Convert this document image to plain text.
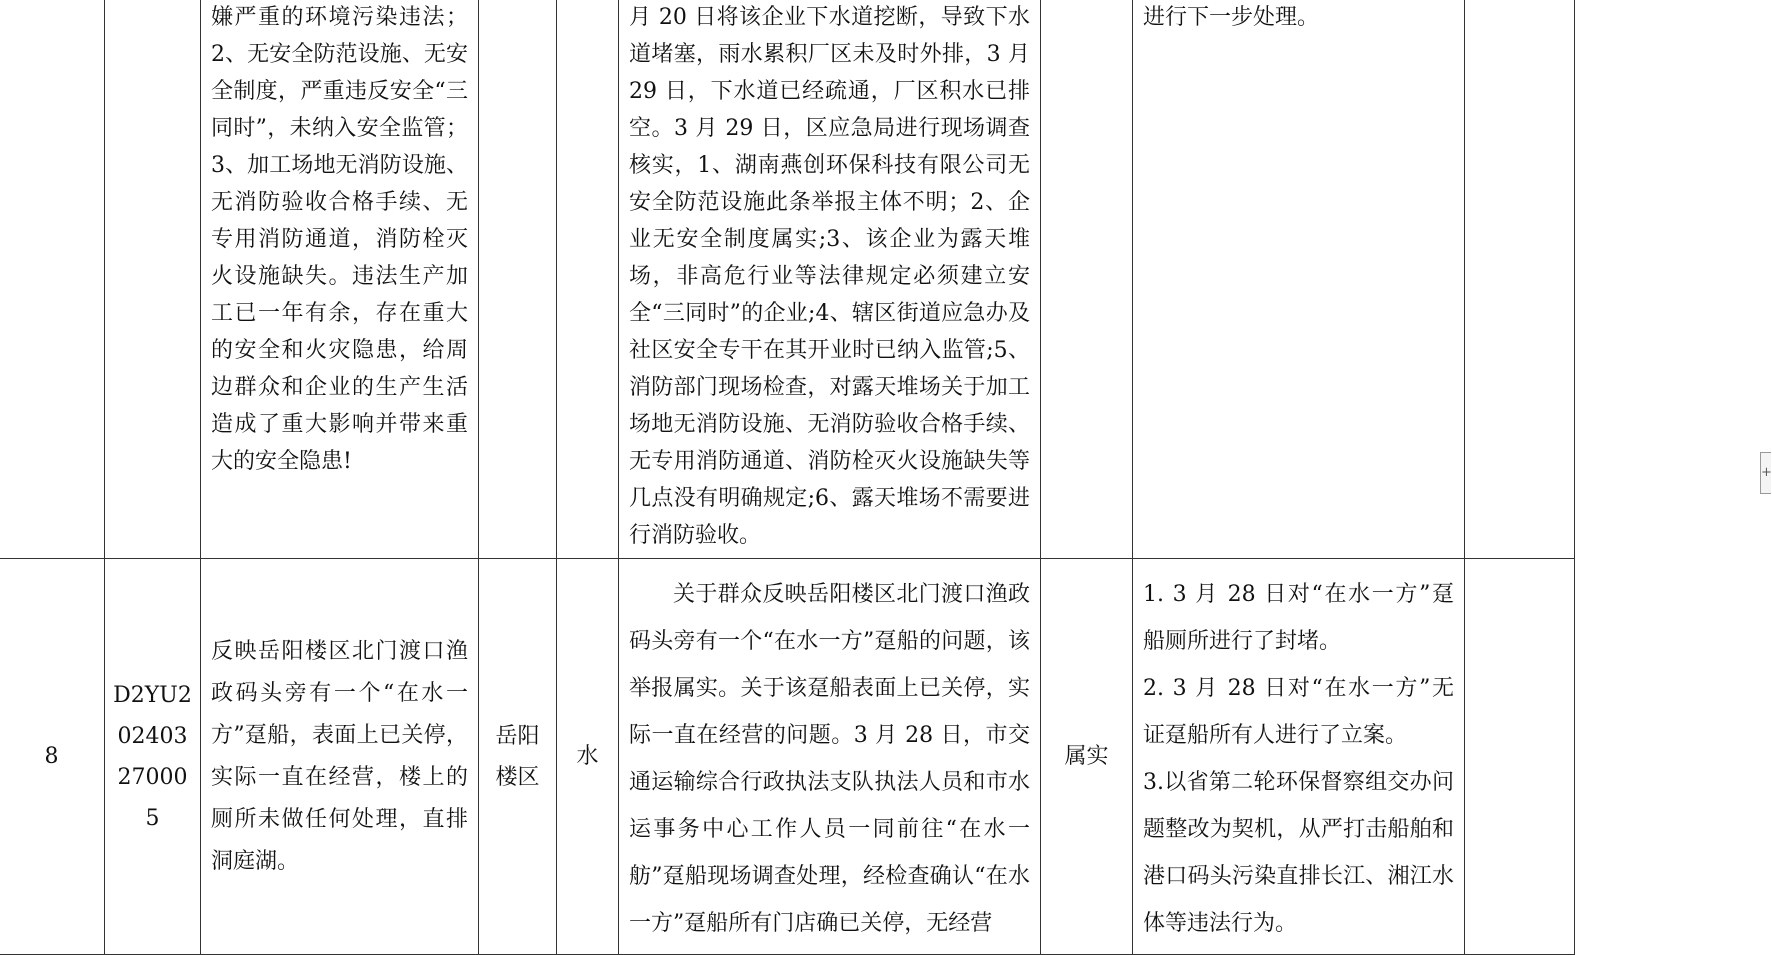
		嫌严重的环境污染违法；2、无安全防范设施、无安全制度，严重违反安全“三同时”，未纳入安全监管；3、加工场地无消防设施、无消防验收合格手续、无专用消防通道，消防栓灭火设施缺失。违法生产加工已一年有余，存在重大的安全和火灾隐患，给周边群众和企业的生产生活造成了重大影响并带来重大的安全隐患!			月 20 日将该企业下水道挖断，导致下水道堵塞，雨水累积厂区未及时外排，3 月 29 日，下水道已经疏通，厂区积水已排空。3 月 29 日，区应急局进行现场调查核实，1、湖南燕创环保科技有限公司无安全防范设施此条举报主体不明；2、企业无安全制度属实;3、该企业为露天堆场，非高危行业等法律规定必须建立安全“三同时”的企业;4、辖区街道应急办及社区安全专干在其开业时已纳入监管;5、消防部门现场检查，对露天堆场关于加工场地无消防设施、无消防验收合格手续、无专用消防通道、消防栓灭火设施缺失等几点没有明确规定;6、露天堆场不需要进行消防验收。		进行下一步处理。	

8	D2YU202403270005	反映岳阳楼区北门渡口渔政码头旁有一个“在水一方”趸船，表面上已关停，实际一直在经营，楼上的厕所未做任何处理，直排洞庭湖。	岳阳楼区	水	关于群众反映岳阳楼区北门渡口渔政码头旁有一个“在水一方”趸船的问题，该举报属实。关于该趸船表面上已关停，实际一直在经营的问题。3 月 28 日，市交通运输综合行政执法支队执法人员和市水运事务中心工作人员一同前往“在水一舫”趸船现场调查处理，经检查确认“在水一方”趸船所有门店确已关停，无经营	属实	1. 3 月 28 日对“在水一方”趸船厕所进行了封堵。

2. 3 月 28 日对“在水一方”无证趸船所有人进行了立案。

3.以省第二轮环保督察组交办问题整改为契机，从严打击船舶和港口码头污染直排长江、湘江水体等违法行为。	

+
